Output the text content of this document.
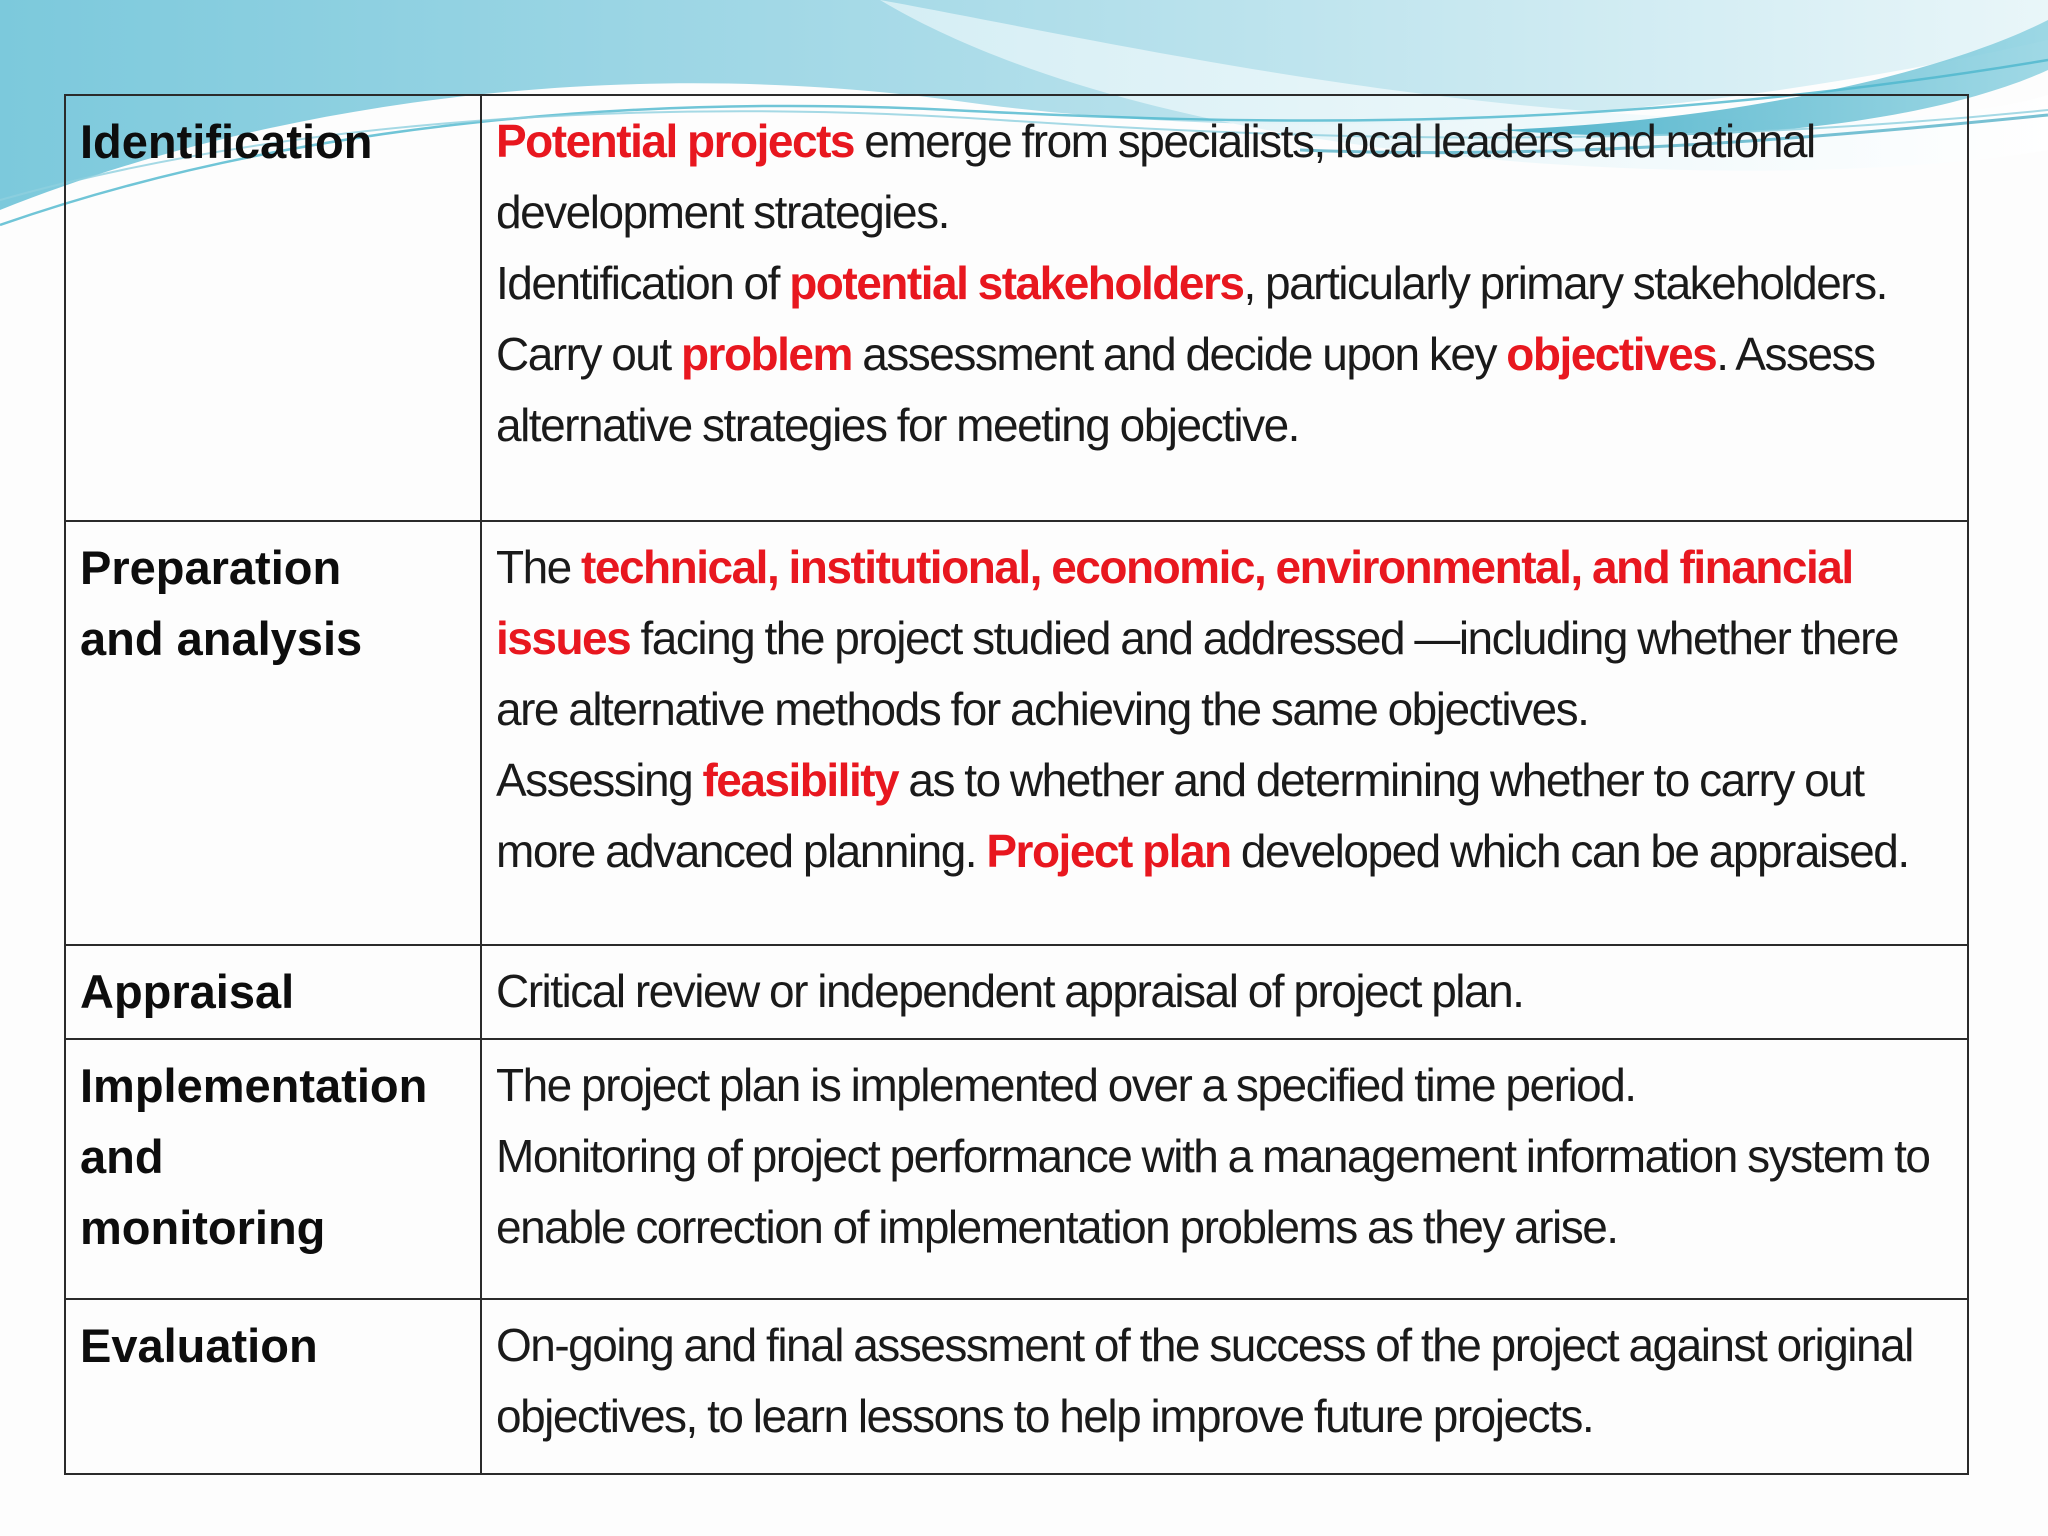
Identification	Potential projects emerge from specialists, local leaders and national
development strategies.
Identification of potential stakeholders, particularly primary stakeholders.
Carry out problem assessment and decide upon key objectives. Assess
alternative strategies for meeting objective.

Preparation
and analysis	The technical, institutional, economic, environmental, and financial
issues facing the project studied and addressed —including whether there
are alternative methods for achieving the same objectives.
Assessing feasibility as to whether and determining whether to carry out
more advanced planning. Project plan developed which can be appraised.

Appraisal	Critical review or independent appraisal of project plan.

Implementation
and
monitoring	The project plan is implemented over a specified time period.
Monitoring of project performance with a management information system to
enable correction of implementation problems as they arise.

Evaluation	On-going and final assessment of the success of the project against original
objectives, to learn lessons to help improve future projects.
